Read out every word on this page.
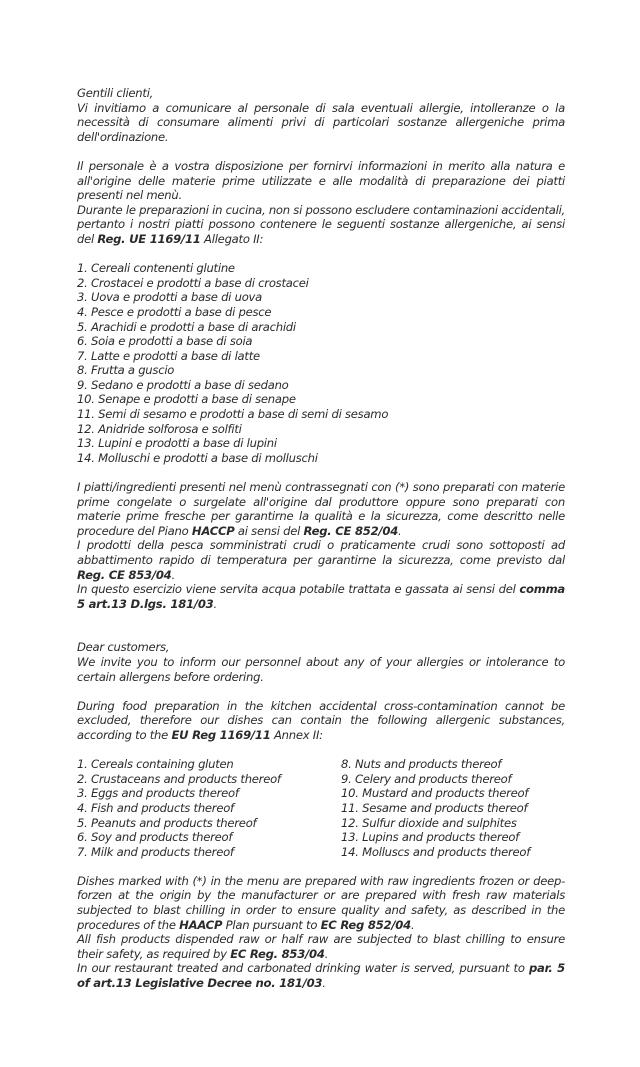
Gentili clienti,

Vi invitiamo a comunicare al personale di sala eventuali allergie, intolleranze o la necessità di consumare alimenti privi di particolari sostanze allergeniche prima dell'ordinazione.

Il personale è a vostra disposizione per fornirvi informazioni in merito alla natura e all'origine delle materie prime utilizzate e alle modalità di preparazione dei piatti presenti nel menù.

Durante le preparazioni in cucina, non si possono escludere contaminazioni accidentali, pertanto i nostri piatti possono contenere le seguenti sostanze allergeniche, ai sensi del Reg. UE 1169/11 Allegato II:

1. Cereali contenenti glutine
2. Crostacei e prodotti a base di crostacei
3. Uova e prodotti a base di uova
4. Pesce e prodotti a base di pesce
5. Arachidi e prodotti a base di arachidi
6. Soia e prodotti a base di soia
7. Latte e prodotti a base di latte
8. Frutta a guscio
9. Sedano e prodotti a base di sedano
10. Senape e prodotti a base di senape
11. Semi di sesamo e prodotti a base di semi di sesamo
12. Anidride solforosa e solfiti
13. Lupini e prodotti a base di lupini
14. Molluschi e prodotti a base di molluschi

I piatti/ingredienti presenti nel menù contrassegnati con (*) sono preparati con materie prime congelate o surgelate all'origine dal produttore oppure sono preparati con materie prime fresche per garantirne la qualità e la sicurezza, come descritto nelle procedure del Piano HACCP ai sensi del Reg. CE 852/04.

I prodotti della pesca somministrati crudi o praticamente crudi sono sottoposti ad abbattimento rapido di temperatura per garantirne la sicurezza, come previsto dal Reg. CE 853/04.

In questo esercizio viene servita acqua potabile trattata e gassata ai sensi del comma 5 art.13 D.lgs. 181/03.

Dear customers,

We invite you to inform our personnel about any of your allergies or intolerance to certain allergens before ordering.

During food preparation in the kitchen accidental cross-contamination cannot be excluded, therefore our dishes can contain the following allergenic substances, according to the EU Reg 1169/11 Annex II:

1. Cereals containing gluten
2. Crustaceans and products thereof
3. Eggs and products thereof
4. Fish and products thereof
5. Peanuts and products thereof
6. Soy and products thereof
7. Milk and products thereof
8. Nuts and products thereof
9. Celery and products thereof
10. Mustard and products thereof
11. Sesame and products thereof
12. Sulfur dioxide and sulphites
13. Lupins and products thereof
14. Molluscs and products thereof

Dishes marked with (*) in the menu are prepared with raw ingredients frozen or deep-forzen at the origin by the manufacturer or are prepared with fresh raw materials subjected to blast chilling in order to ensure quality and safety, as described in the procedures of the HAACP Plan pursuant to EC Reg 852/04.

All fish products dispended raw or half raw are subjected to blast chilling to ensure their safety, as required by EC Reg. 853/04.

In our restaurant treated and carbonated drinking water is served, pursuant to par. 5 of art.13 Legislative Decree no. 181/03.
